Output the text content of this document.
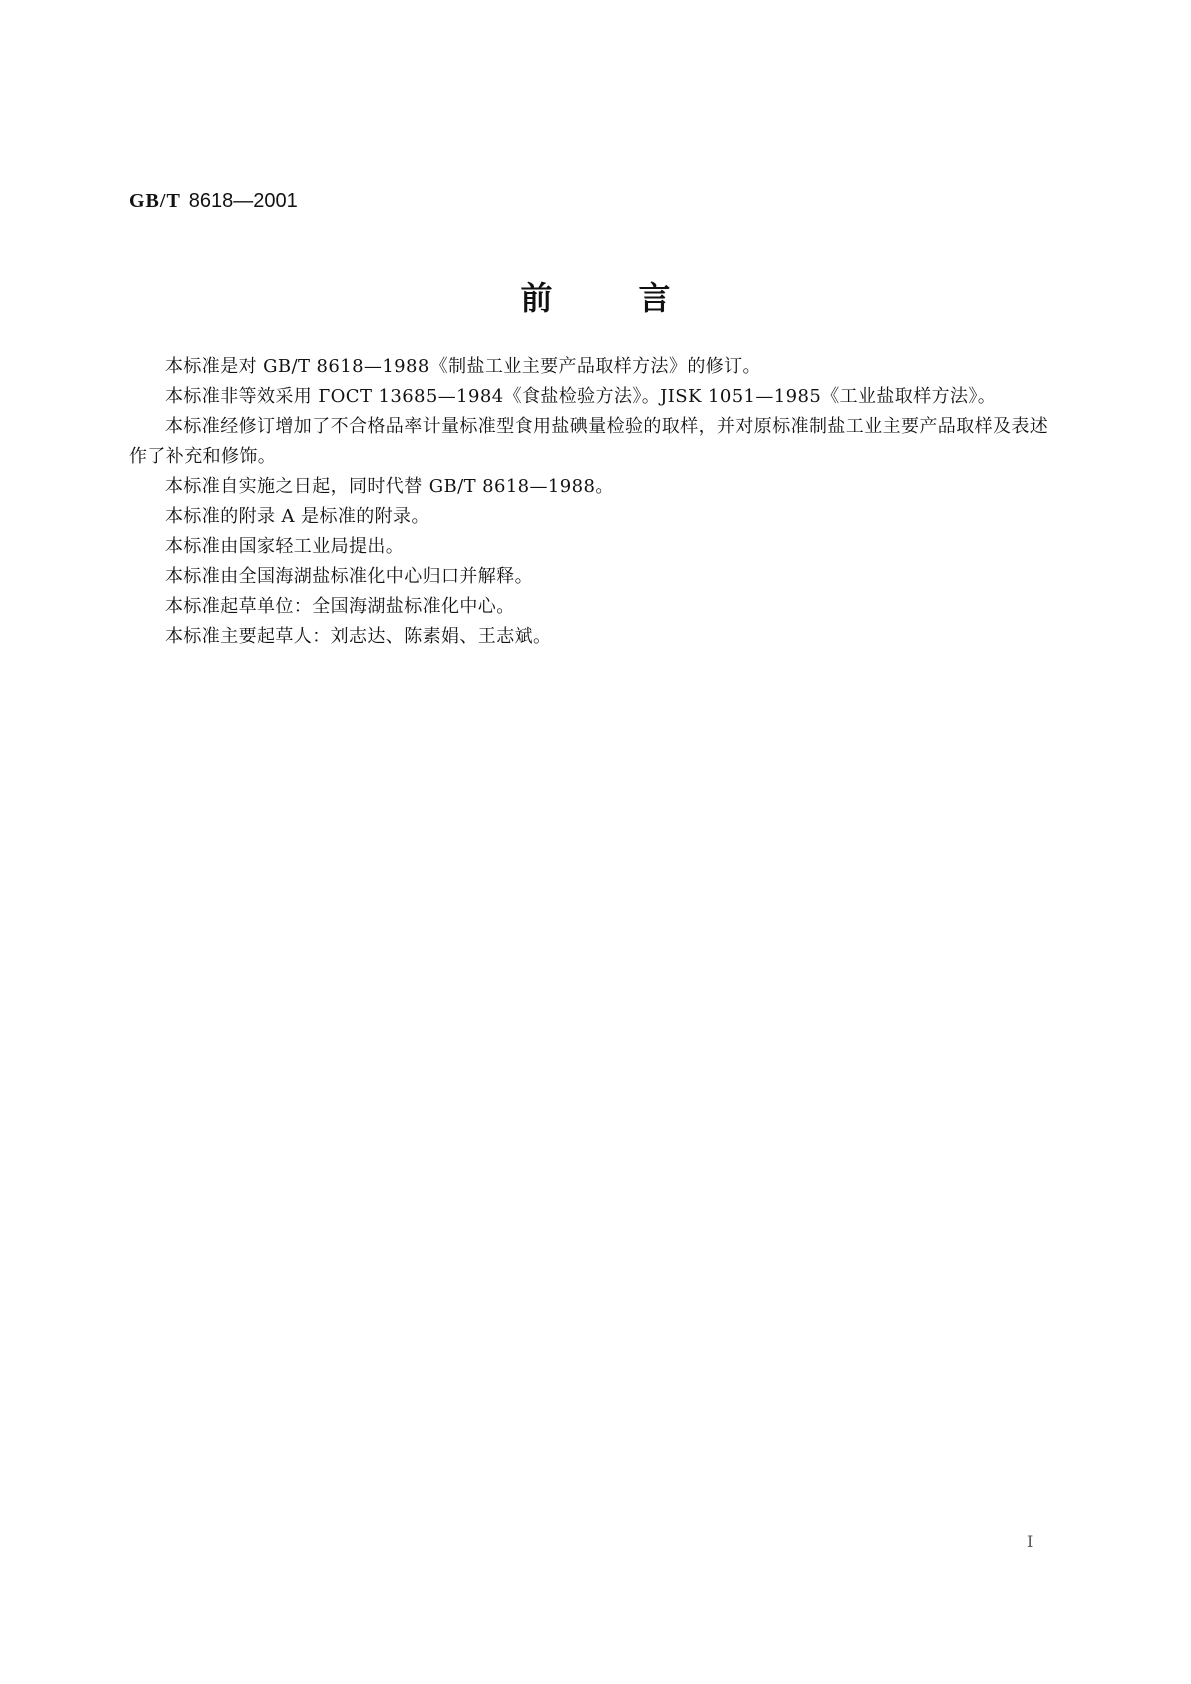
GB/T 8618—2001
前言

本标准是对 GB/T 8618—1988《制盐工业主要产品取样方法》的修订。

本标准非等效采用 ГОСТ 13685—1984《食盐检验方法》。JISK 1051—1985《工业盐取样方法》。

本标准经修订增加了不合格品率计量标准型食用盐碘量检验的取样，并对原标准制盐工业主要产品取样及表述作了补充和修饰。

本标准自实施之日起，同时代替 GB/T 8618—1988。

本标准的附录 A 是标准的附录。

本标准由国家轻工业局提出。

本标准由全国海湖盐标准化中心归口并解释。

本标准起草单位：全国海湖盐标准化中心。

本标准主要起草人：刘志达、陈素娟、王志斌。

I
